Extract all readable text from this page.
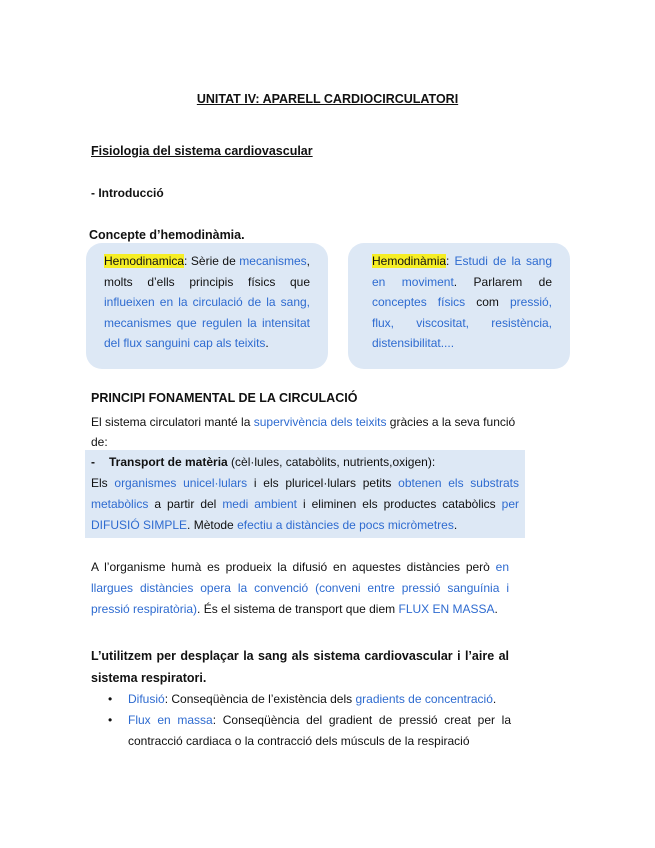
UNITAT IV: APARELL CARDIOCIRCULATORI
Fisiologia del sistema cardiovascular
- Introducció
Concepte d’hemodinàmia.
Hemodinamica: Sèrie de mecanismes, molts d’ells principis físics que influeixen en la circulació de la sang, mecanismes que regulen la intensitat del flux sanguini cap als teixits.
Hemodinàmia: Estudi de la sang en moviment. Parlarem de conceptes físics com pressió, flux, viscositat, resistència, distensibilitat....
PRINCIPI FONAMENTAL DE LA CIRCULACIÓ
El sistema circulatori manté la supervivència dels teixits gràcies a la seva funció de:
- Transport de matèria (cèl·lules, catabòlits, nutrients,oxigen):
Els organismes unicel·lulars i els pluricel·lulars petits obtenen els substrats metabòlics a partir del medi ambient i eliminen els productes catabòlics per DIFUSIÓ SIMPLE. Mètode efectiu a distàncies de pocs micròmetres.
A l’organisme humà es produeix la difusió en aquestes distàncies però en llargues distàncies opera la convenció (conveni entre pressió sanguínia i pressió respiratòria). És el sistema de transport que diem FLUX EN MASSA.
L’utilitzem per desplaçar la sang als sistema cardiovascular i l’aire al sistema respiratori.
• Difusió: Conseqüència de l’existència dels gradients de concentració.
• Flux en massa: Conseqüència del gradient de pressió creat per la contracció cardiaca o la contracció dels músculs de la respiració
